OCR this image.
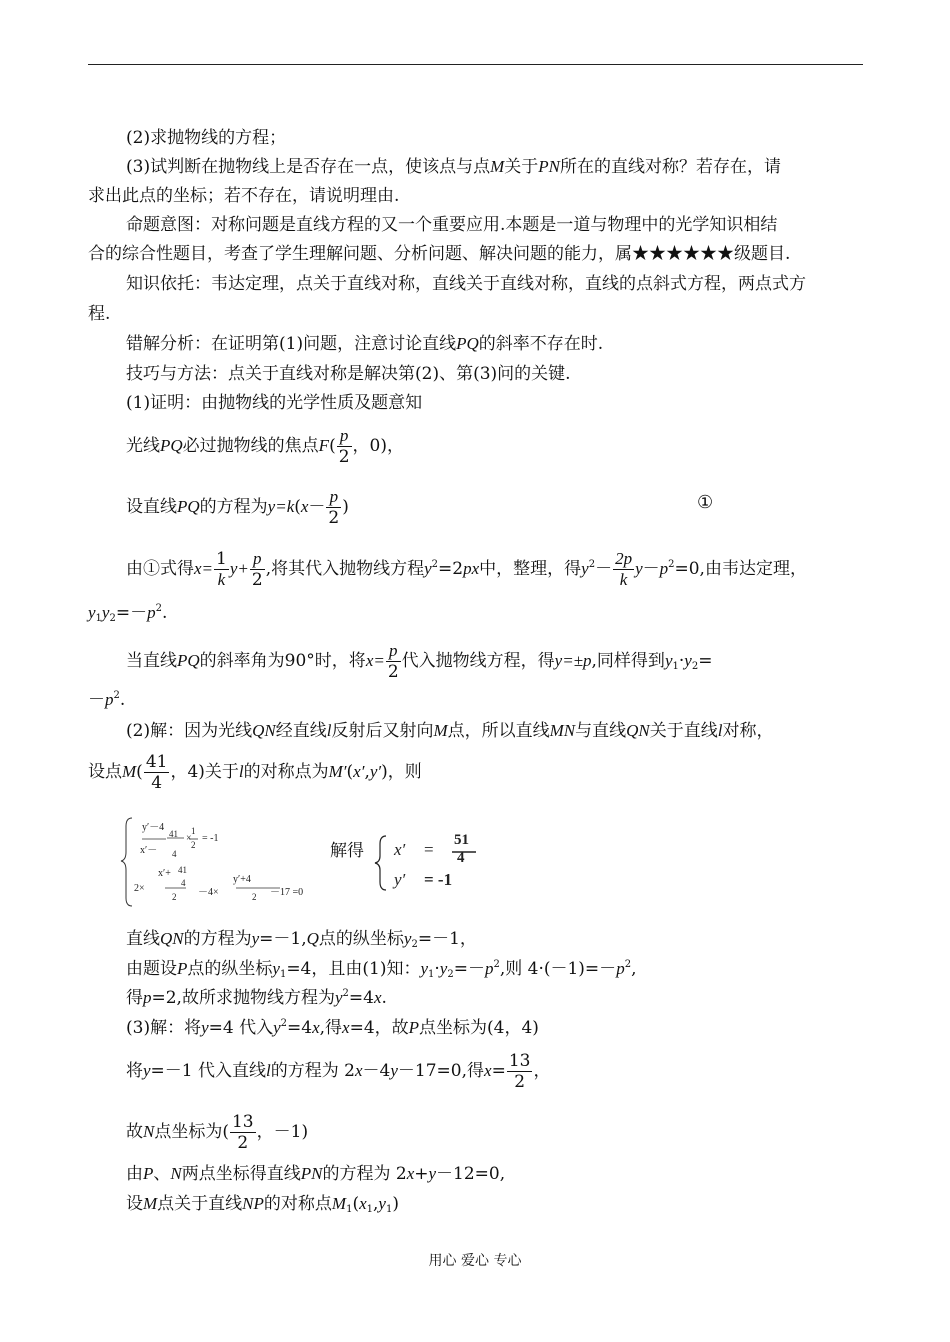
(2)求抛物线的方程；
(3)试判断在抛物线上是否存在一点，使该点与点M关于PN所在的直线对称？若存在，请
求出此点的坐标；若不存在，请说明理由.
命题意图：对称问题是直线方程的又一个重要应用.本题是一道与物理中的光学知识相结
合的综合性题目，考查了学生理解问题、分析问题、解决问题的能力，属★★★★★★级题目.
知识依托：韦达定理，点关于直线对称，直线关于直线对称，直线的点斜式方程，两点式方
程.
错解分析：在证明第(1)问题，注意讨论直线PQ的斜率不存在时.
技巧与方法：点关于直线对称是解决第(2)、第(3)问的关键.
(1)证明：由抛物线的光学性质及题意知
光线PQ必过抛物线的焦点$F( \frac{p}{2}$ ，0)，
设直线PQ的方程为$y=k(x- \frac{p}{2}$ )	①
由①式得$x= \frac{1}{k} y+ \frac{p}{2}$ ,将其代入抛物线方程$y^2=2px$中，整理，得$y^2- \frac{2p}{k} y-p^2=0$,由韦达定理，
$y_1y_2=-p^2$.
当直线PQ的斜率角为90°时，将$x= \frac{p}{2}$ 代入抛物线方程，得y=±p,同样得到$y_1\cdot y_2=$
$-p^2$.
(2)解：因为光线QN经直线l反射后又射向M点，所以直线MN与直线QN关于直线l对称，
设点$M( \frac{41}{4}$ ，4)关于l的对称点为M′(x′,y′)，则
y′－4
x′－
41
4
×
1
2
= -1
x′+ 41
4
2×
2 －4×
y′+4
2 －17 =0
解得 x′ = 51
4
y′ = -1
直线QN的方程为y=－1,Q点的纵坐标$y_2=-1$，
由题设P点的纵坐标$y_1=4$，且由(1)知：$y_1\cdot y_2=-p^2$,则 $4\cdot(-1)=-p^2$,
得p=2,故所求抛物线方程为$y^2=4x$.
(3)解：将y=4 代入$y^2=4x$,得x=4，故P点坐标为(4，4)
将y=－1 代入直线l的方程为 2x－4y－17=0,得$x= \frac{13}{2}$ ，
故N点坐标为( $\frac{13}{2}$ ，－1)
由P、N两点坐标得直线PN的方程为 2x+y－12=0,
设M点关于直线NP的对称点$M_1(x_1,y_1)$
用心 爱心 专心
